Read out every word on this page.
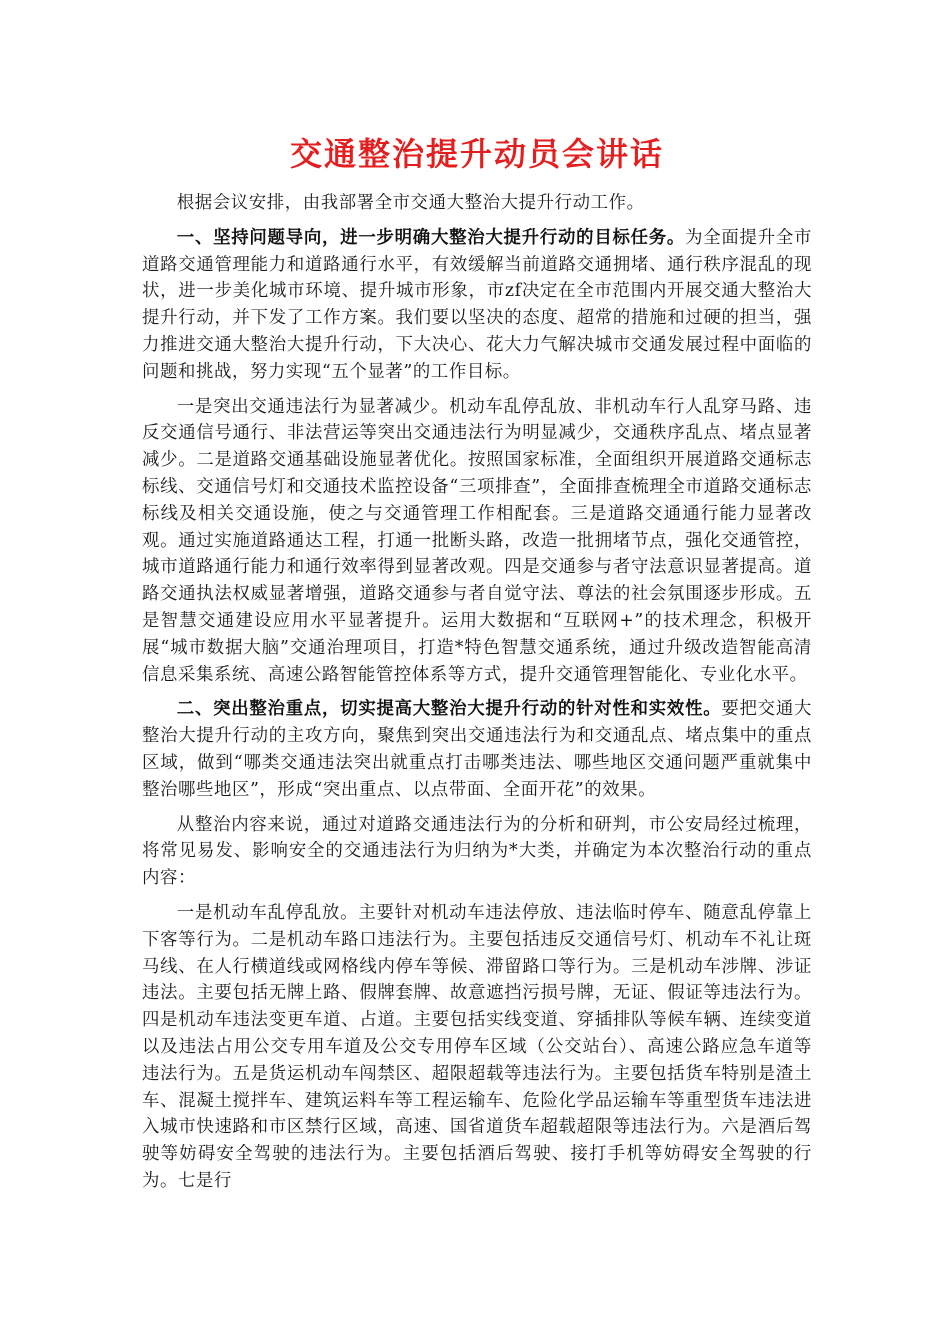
交通整治提升动员会讲话

根据会议安排，由我部署全市交通大整治大提升行动工作。

一、坚持问题导向，进一步明确大整治大提升行动的目标任务。为全面提升全市道路交通管理能力和道路通行水平，有效缓解当前道路交通拥堵、通行秩序混乱的现状，进一步美化城市环境、提升城市形象，市zf决定在全市范围内开展交通大整治大提升行动，并下发了工作方案。我们要以坚决的态度、超常的措施和过硬的担当，强力推进交通大整治大提升行动，下大决心、花大力气解决城市交通发展过程中面临的问题和挑战，努力实现“五个显著”的工作目标。

一是突出交通违法行为显著减少。机动车乱停乱放、非机动车行人乱穿马路、违反交通信号通行、非法营运等突出交通违法行为明显减少，交通秩序乱点、堵点显著减少。二是道路交通基础设施显著优化。按照国家标准，全面组织开展道路交通标志标线、交通信号灯和交通技术监控设备“三项排查”，全面排查梳理全市道路交通标志标线及相关交通设施，使之与交通管理工作相配套。三是道路交通通行能力显著改观。通过实施道路通达工程，打通一批断头路，改造一批拥堵节点，强化交通管控，城市道路通行能力和通行效率得到显著改观。四是交通参与者守法意识显著提高。道路交通执法权威显著增强，道路交通参与者自觉守法、尊法的社会氛围逐步形成。五是智慧交通建设应用水平显著提升。运用大数据和“互联网+”的技术理念，积极开展“城市数据大脑”交通治理项目，打造*特色智慧交通系统，通过升级改造智能高清信息采集系统、高速公路智能管控体系等方式，提升交通管理智能化、专业化水平。

二、突出整治重点，切实提高大整治大提升行动的针对性和实效性。要把交通大整治大提升行动的主攻方向，聚焦到突出交通违法行为和交通乱点、堵点集中的重点区域，做到“哪类交通违法突出就重点打击哪类违法、哪些地区交通问题严重就集中整治哪些地区”，形成“突出重点、以点带面、全面开花”的效果。

从整治内容来说，通过对道路交通违法行为的分析和研判，市公安局经过梳理，将常见易发、影响安全的交通违法行为归纳为*大类，并确定为本次整治行动的重点内容：

一是机动车乱停乱放。主要针对机动车违法停放、违法临时停车、随意乱停靠上下客等行为。二是机动车路口违法行为。主要包括违反交通信号灯、机动车不礼让斑马线、在人行横道线或网格线内停车等候、滞留路口等行为。三是机动车涉牌、涉证违法。主要包括无牌上路、假牌套牌、故意遮挡污损号牌，无证、假证等违法行为。四是机动车违法变更车道、占道。主要包括实线变道、穿插排队等候车辆、连续变道以及违法占用公交专用车道及公交专用停车区域（公交站台）、高速公路应急车道等违法行为。五是货运机动车闯禁区、超限超载等违法行为。主要包括货车特别是渣土车、混凝土搅拌车、建筑运料车等工程运输车、危险化学品运输车等重型货车违法进入城市快速路和市区禁行区域，高速、国省道货车超载超限等违法行为。六是酒后驾驶等妨碍安全驾驶的违法行为。主要包括酒后驾驶、接打手机等妨碍安全驾驶的行为。七是行
